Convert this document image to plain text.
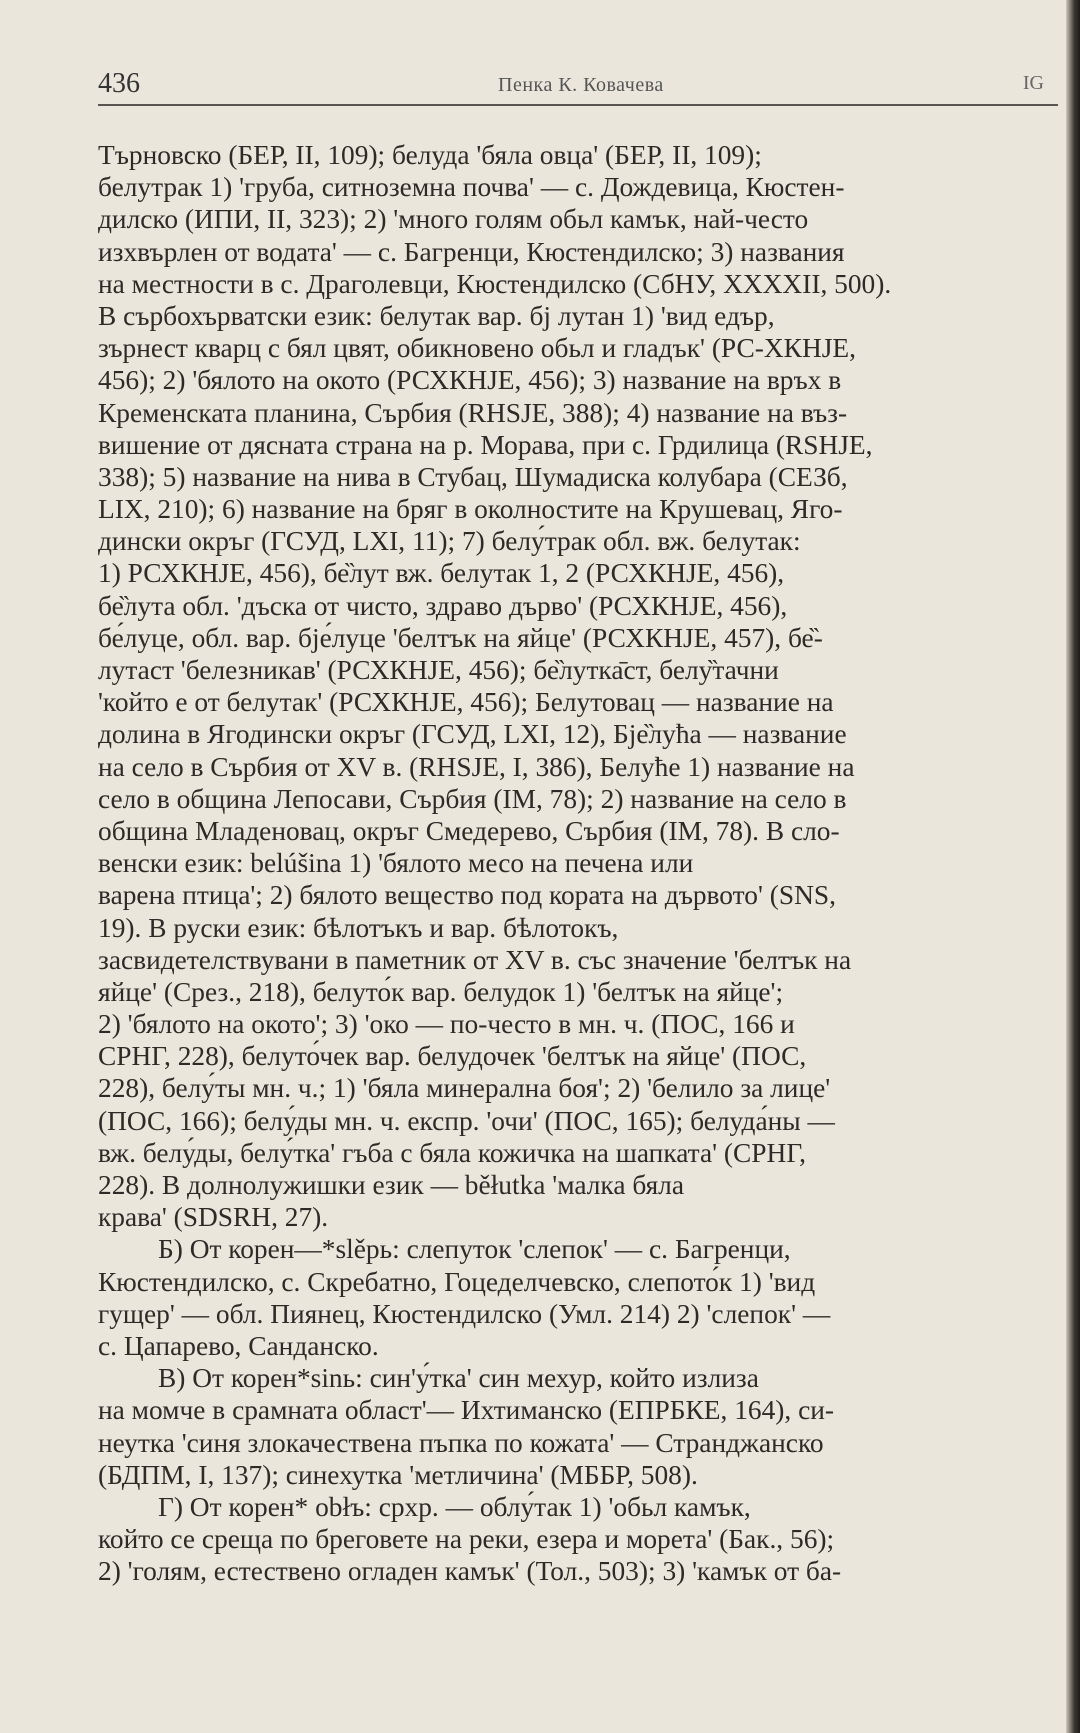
436	Пенка К. Ковачева	IG
Търновско (БЕР, II, 109); белуда 'бяла овца' (БЕР, II, 109);
белутрак 1) 'груба, ситноземна почва' — с. Дождевица, Кюстен-
дилско (ИПИ, II, 323); 2) 'много голям обьл камък, най-често
изхвърлен от водата' — с. Багренци, Кюстендилско; 3) названия
на местности в с. Драголевци, Кюстендилско (СбНУ, XXXXII, 500).
В сърбохърватски език: белутак вар. бј лутан 1) 'вид едър,
зърнест кварц с бял цвят, обикновено обьл и гладък' (РС-ХКНЈЕ,
456); 2) 'бялото на окото (РСХКНЈЕ, 456); 3) название на връх в
Кременската планина, Сърбия (RHSJE, 388); 4) название на въз-
вишение от дясната страна на р. Морава, при с. Грдилица (RSHJE,
338); 5) название на нива в Стубац, Шумадиска колубара (СЕЗб,
LIX, 210); 6) название на бряг в околностите на Крушевац, Яго-
дински окръг (ГСУД, LXI, 11); 7) белу́трак обл. вж. белутак:
1) РСХКНЈЕ, 456), бе̏лут вж. белутак 1, 2 (РСХКНЈЕ, 456),
бе̏лута обл. 'дъска от чисто, здраво дърво' (РСХКНЈЕ, 456),
бе́луце, обл. вар. бје́луце 'белтък на яйце' (РСХКНЈЕ, 457), бе̏-
лутаст 'белезникав' (РСХКНЈЕ, 456); бе̏лутка̄ст, белу̏тачни
'който е от белутак' (РСХКНЈЕ, 456); Белутовац — название на
долина в Ягодински окръг (ГСУД, LXI, 12), Бје̏лућа — название
на село в Сърбия от XV в. (RHSJE, I, 386), Белуће 1) название на
село в община Лепосави, Сърбия (IM, 78); 2) название на село в
община Младеновац, окръг Смедерево, Сърбия (IM, 78). В сло-
венски език: belúšina 1) 'бялото месо на печена или
варена птица'; 2) бялото вещество под кората на дървото' (SNS,
19). В руски език: бѣлотъкъ и вар. бѣлотокъ,
засвидетелствувани в паметник от XV в. със значение 'белтък на
яйце' (Срез., 218), белуто́к вар. белудок 1) 'белтък на яйце';
2) 'бялото на окото'; 3) 'око — по-често в мн. ч. (ПОС, 166 и
СРНГ, 228), белуто́чек вар. белудочек 'белтък на яйце' (ПОС,
228), белу́ты мн. ч.; 1) 'бяла минерална боя'; 2) 'белило за лице'
(ПОС, 166); белу́ды мн. ч. експр. 'очи' (ПОС, 165); белуда́ны —
вж. белу́ды, белу́тка' гъба с бяла кожичка на шапката' (СРНГ,
228). В долнолужишки език — běłutka 'малка бяла
крава' (SDSRH, 27).
Б) От корен—*slěpь: слепуток 'слепок' — с. Багренци,
Кюстендилско, с. Скребатно, Гоцеделчевско, слепото́к 1) 'вид
гущер' — обл. Пиянец, Кюстендилско (Умл. 214) 2) 'слепок' —
с. Цапарево, Санданско.
В) От корен*sinь: син'у́тка' син мехур, който излиза
на момче в срамната област'— Ихтиманско (ЕПРБКЕ, 164), си-
неутка 'синя злокачествена пъпка по кожата' — Странджанско
(БДПМ, I, 137); синехутка 'метличина' (МББР, 508).
Г) От корен* obłъ: срхр. — облу́так 1) 'обьл камък,
който се среща по бреговете на реки, езера и морета' (Бак., 56);
2) 'голям, естествено огладен камък' (Тол., 503); 3) 'камък от ба-
